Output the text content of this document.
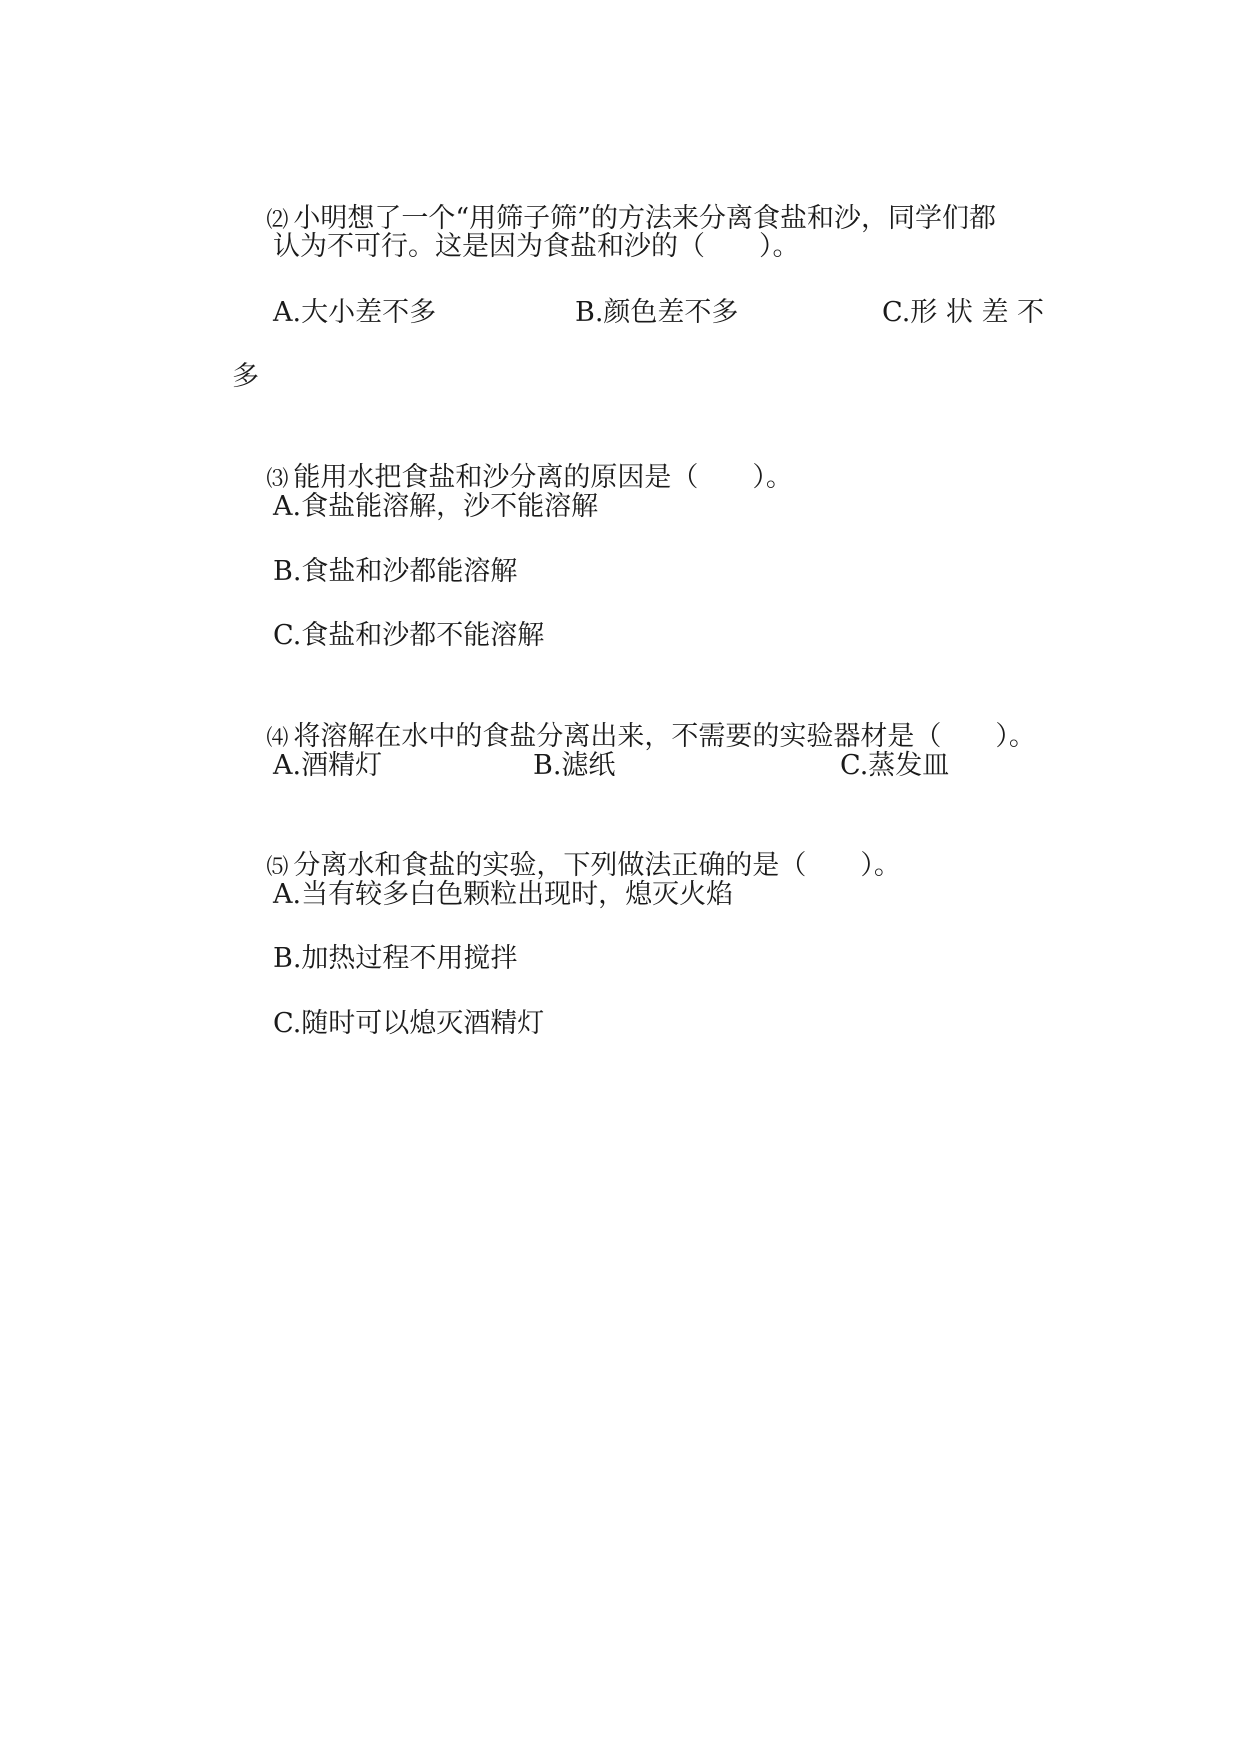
⑵ 小明想了一个“用筛子筛”的方法来分离食盐和沙，同学们都

认为不可行。这是因为食盐和沙的（　　）。
A.大小差不多	B.颜色差不多	C.形 状 差 不
多

⑶ 能用水把食盐和沙分离的原因是（　　）。

A.食盐能溶解，沙不能溶解
B.食盐和沙都能溶解
C.食盐和沙都不能溶解

⑷ 将溶解在水中的食盐分离出来，不需要的实验器材是（　　）。

A.酒精灯	B.滤纸	C.蒸发皿

⑸ 分离水和食盐的实验，下列做法正确的是（　　）。

A.当有较多白色颗粒出现时，熄灭火焰
B.加热过程不用搅拌
C.随时可以熄灭酒精灯
